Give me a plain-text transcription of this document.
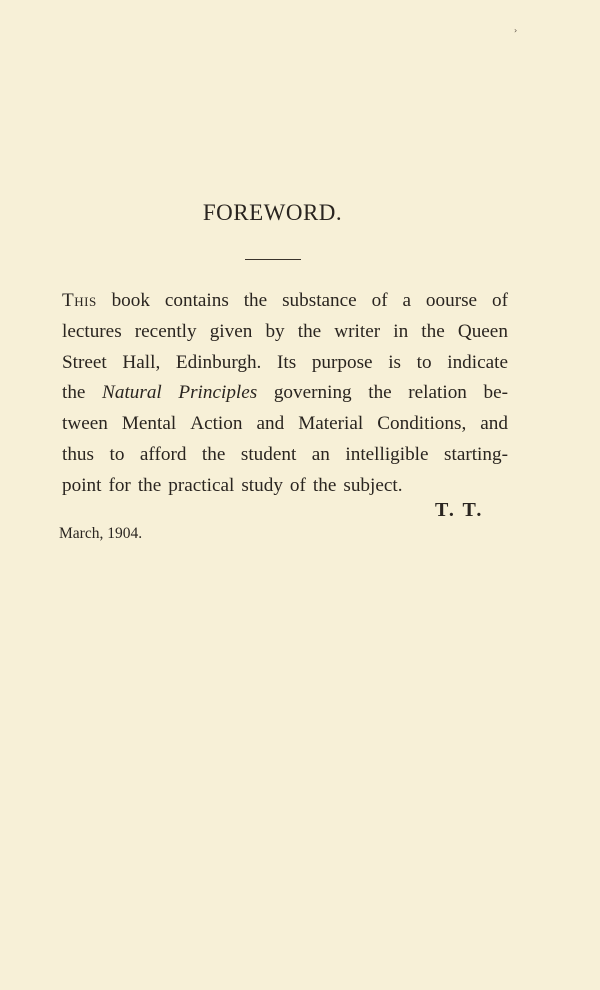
›
FOREWORD.
This book contains the substance of a oourse of
lectures recently given by the writer in the Queen
Street Hall, Edinburgh. Its purpose is to indicate
the Natural Principles governing the relation be-
tween Mental Action and Material Conditions, and
thus to afford the student an intelligible starting-
point for the practical study of the subject.
T. T.
March, 1904.
